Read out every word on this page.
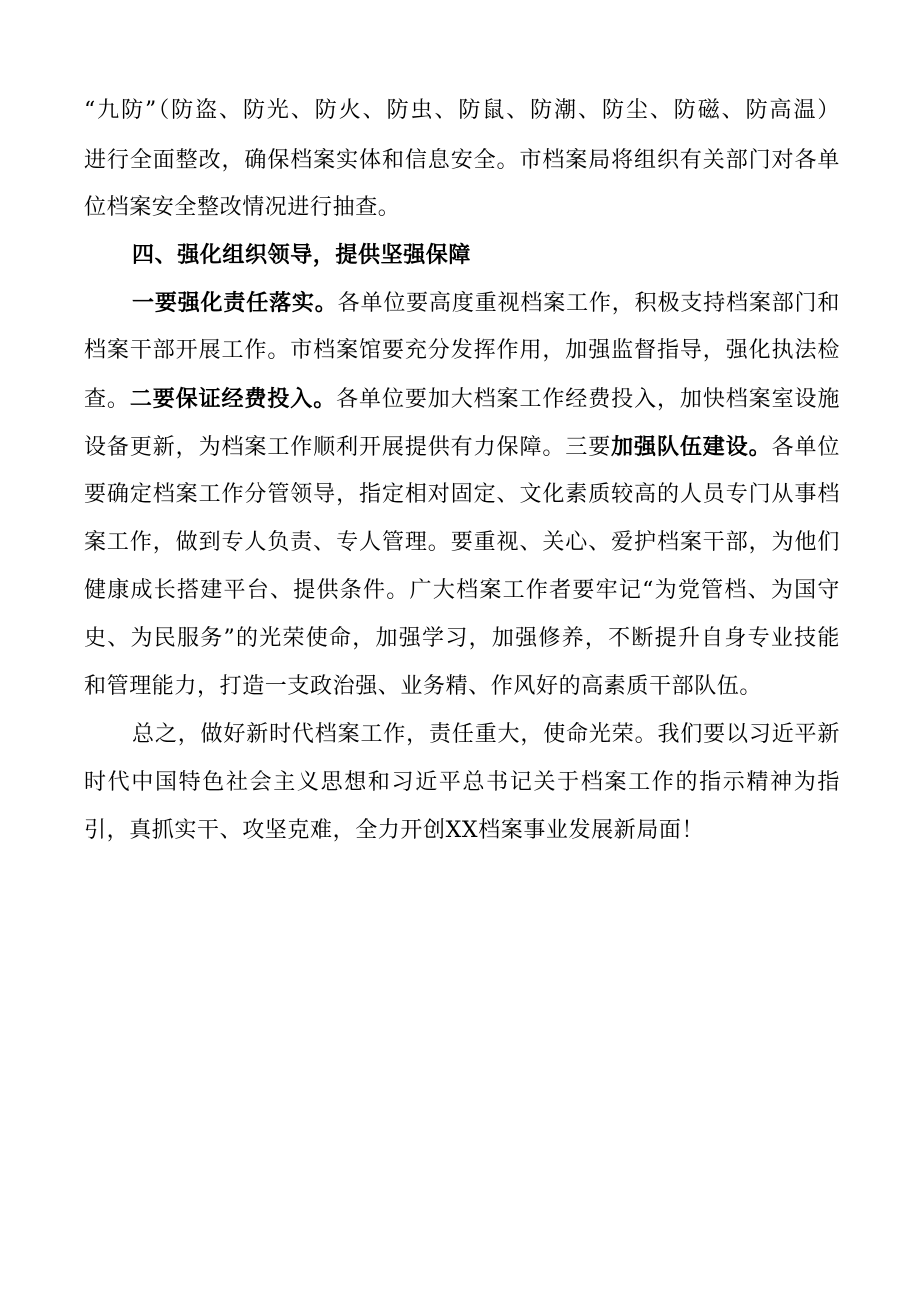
“九防”（防盗、防光、防火、防虫、防鼠、防潮、防尘、防磁、防高温）
进行全面整改，确保档案实体和信息安全。市档案局将组织有关部门对各单
位档案安全整改情况进行抽查。
四、强化组织领导，提供坚强保障
一要强化责任落实。各单位要高度重视档案工作，积极支持档案部门和
档案干部开展工作。市档案馆要充分发挥作用，加强监督指导，强化执法检
查。二要保证经费投入。各单位要加大档案工作经费投入，加快档案室设施
设备更新，为档案工作顺利开展提供有力保障。三要加强队伍建设。各单位
要确定档案工作分管领导，指定相对固定、文化素质较高的人员专门从事档
案工作，做到专人负责、专人管理。要重视、关心、爱护档案干部，为他们
健康成长搭建平台、提供条件。广大档案工作者要牢记“为党管档、为国守
史、为民服务”的光荣使命，加强学习，加强修养，不断提升自身专业技能
和管理能力，打造一支政治强、业务精、作风好的高素质干部队伍。
总之，做好新时代档案工作，责任重大，使命光荣。我们要以习近平新
时代中国特色社会主义思想和习近平总书记关于档案工作的指示精神为指
引，真抓实干、攻坚克难，全力开创XX档案事业发展新局面！
